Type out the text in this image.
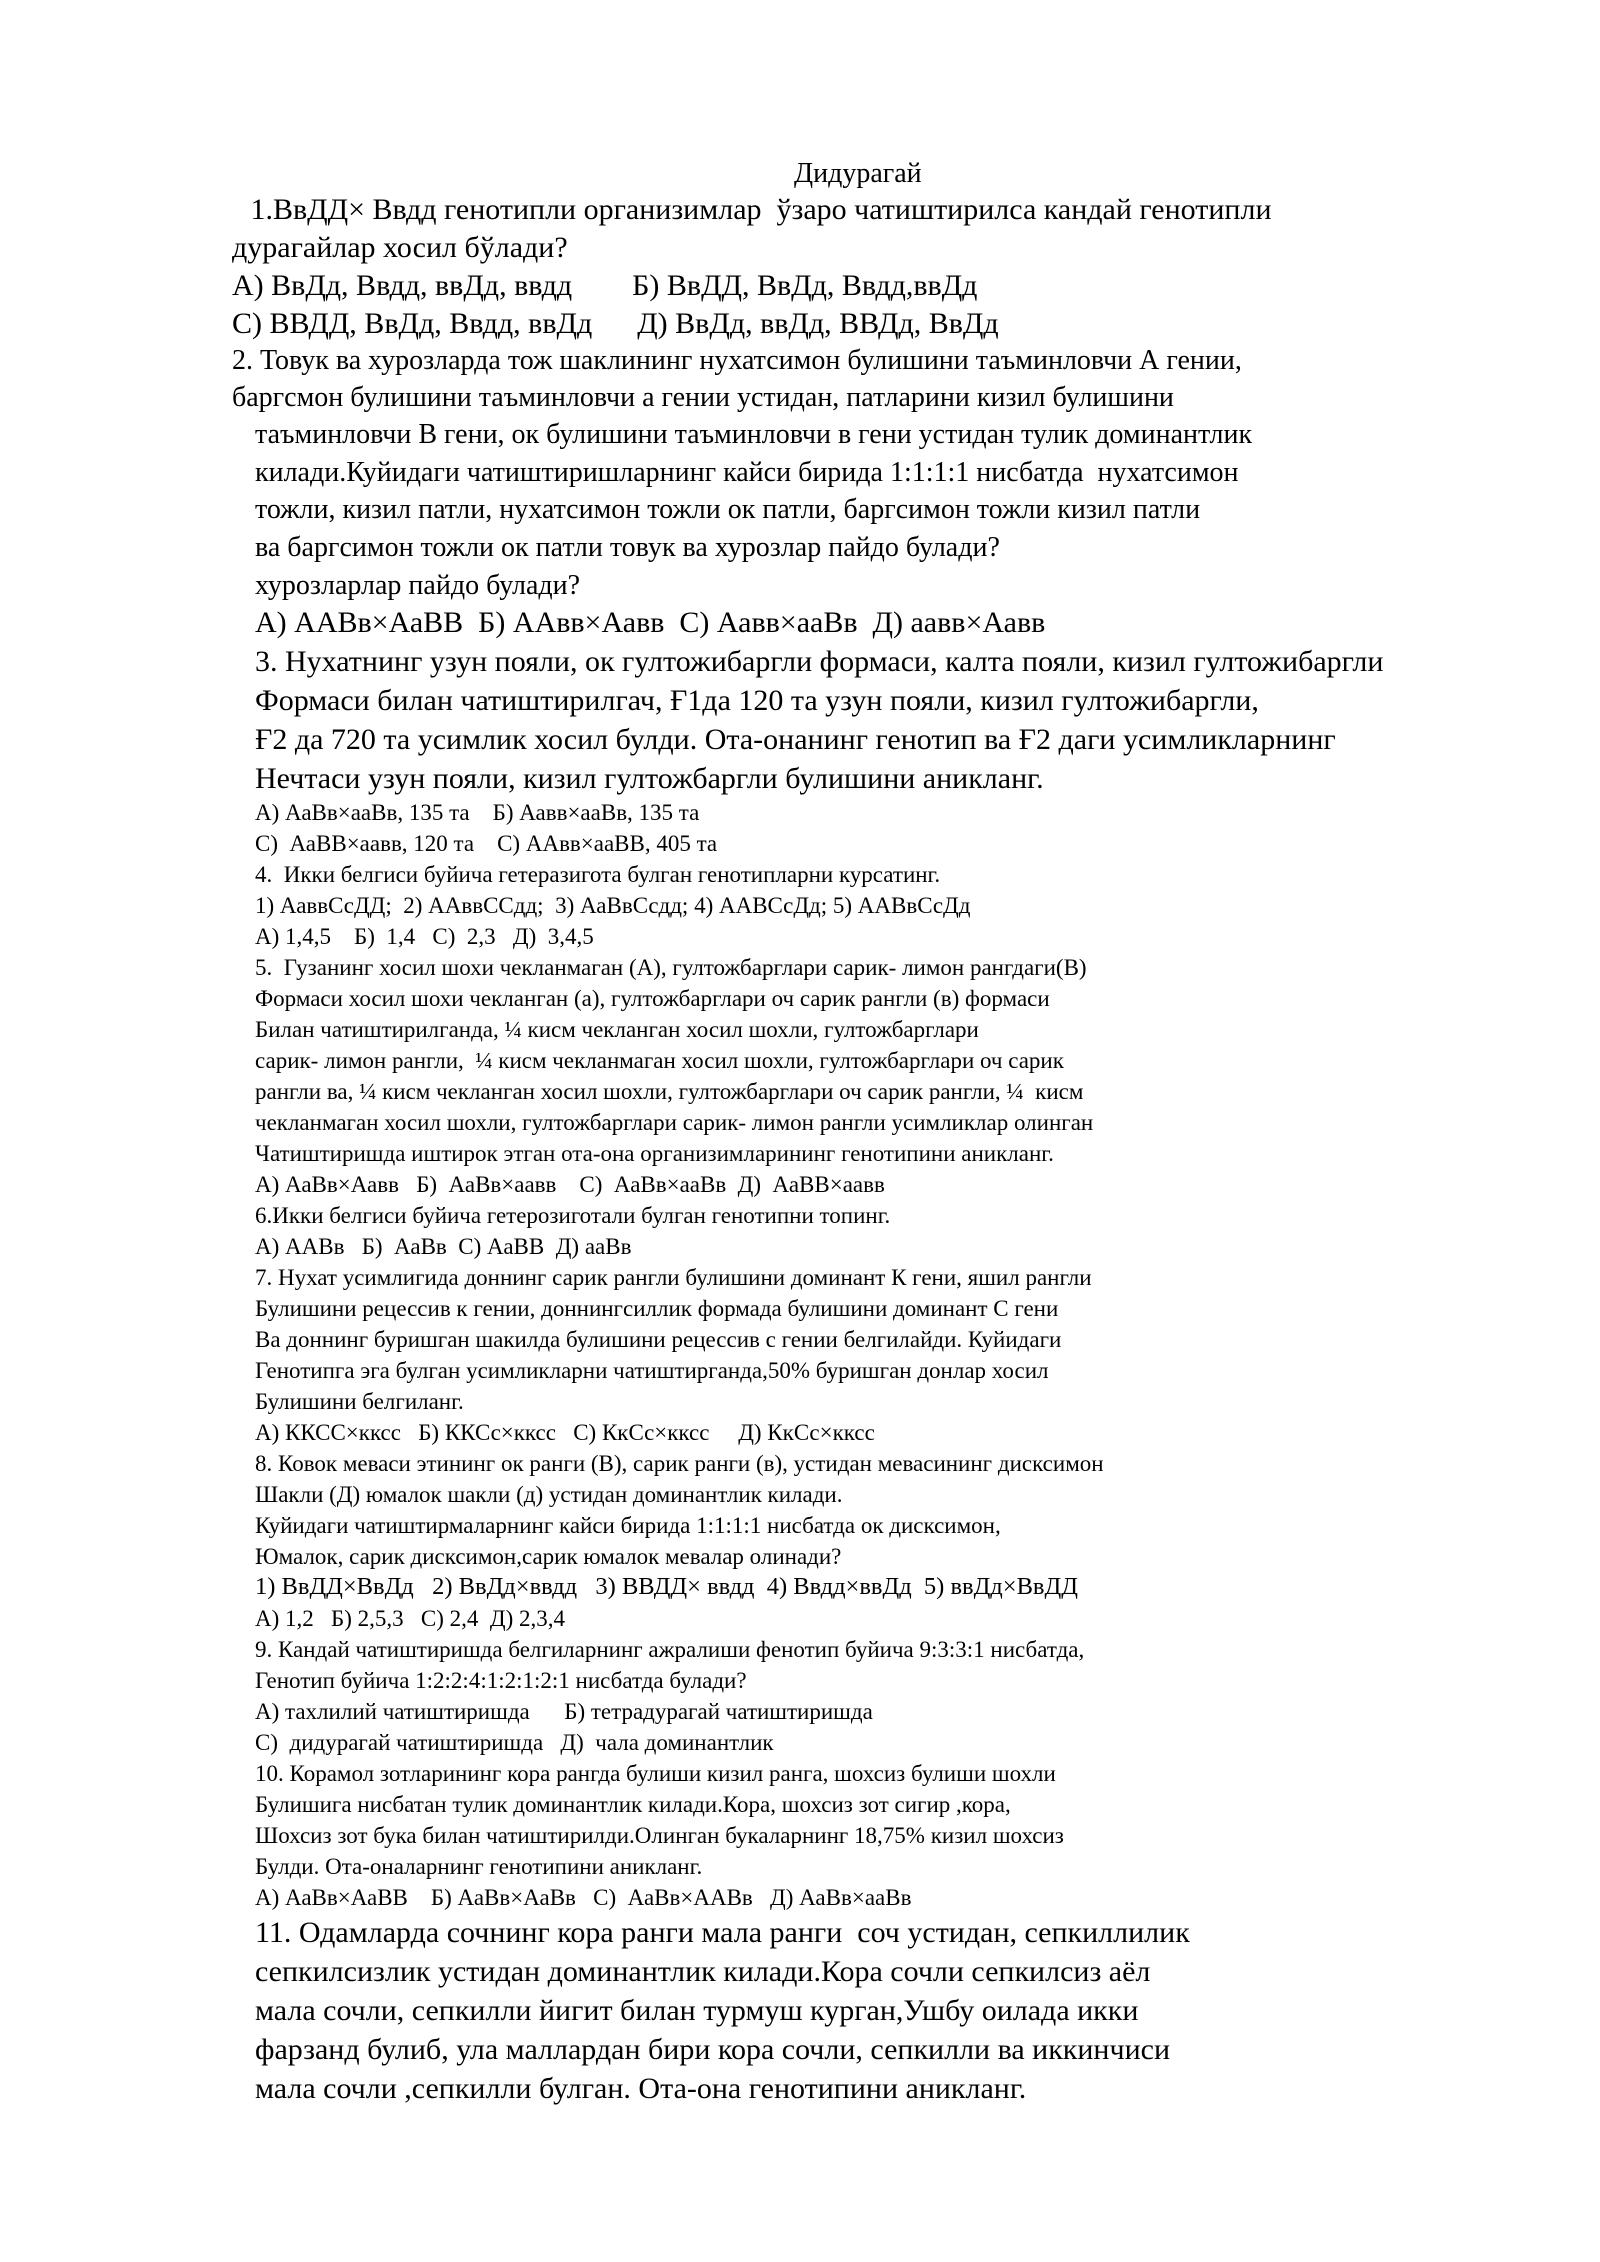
Дидурагай
1.ВвДД× Ввдд генотипли организимлар  ўзаро чатиштирилса кандай генотипли
дурагайлар хосил бўлади?
А) ВвДд, Ввдд, ввДд, ввдд        Б) ВвДД, ВвДд, Ввдд,ввДд
С) ВВДД, ВвДд, Ввдд, ввДд      Д) ВвДд, ввДд, ВВДд, ВвДд
2. Товук ва хурозларда тож шаклининг нухатсимон булишини таъминловчи А гении,
баргсмон булишини таъминловчи а гении устидан, патларини кизил булишини
таъминловчи В гени, ок булишини таъминловчи в гени устидан тулик доминантлик
килади.Куйидаги чатиштиришларнинг кайси бирида 1:1:1:1 нисбатда  нухатсимон
тожли, кизил патли, нухатсимон тожли ок патли, баргсимон тожли кизил патли
ва баргсимон тожли ок патли товук ва хурозлар пайдо булади?
хурозларлар пайдо булади?
А) ААВв×АаВВ  Б) ААвв×Аавв  С) Аавв×ааВв  Д) аавв×Аавв
3. Нухатнинг узун пояли, ок гултожибаргли формаси, калта пояли, кизил гултожибаргли
Формаси билан чатиштирилгач, Ғ1да 120 та узун пояли, кизил гултожибаргли,
Ғ2 да 720 та усимлик хосил булди. Ота-онанинг генотип ва Ғ2 даги усимликларнинг
Нечтаси узун пояли, кизил гултожбаргли булишини аникланг.
А) АаВв×ааВв, 135 та    Б) Аавв×ааВв, 135 та
С)  АаВВ×аавв, 120 та    С) ААвв×ааВВ, 405 та
4.  Икки белгиси буйича гетеразигота булган генотипларни курсатинг.
1) АаввСсДД;  2) ААввССдд;  3) АаВвСсдд; 4) ААВСсДд; 5) ААВвСсДд
А) 1,4,5    Б)  1,4   С)  2,3   Д)  3,4,5
5.  Гузанинг хосил шохи чекланмаган (А), гултожбарглари сарик- лимон рангдаги(В)
Формаси хосил шохи чекланган (а), гултожбарглари оч сарик рангли (в) формаси
Билан чатиштирилганда, ¼ кисм чекланган хосил шохли, гултожбарглари
сарик- лимон рангли,  ¼ кисм чекланмаган хосил шохли, гултожбарглари оч сарик
рангли ва, ¼ кисм чекланган хосил шохли, гултожбарглари оч сарик рангли, ¼  кисм
чекланмаган хосил шохли, гултожбарглари сарик- лимон рангли усимликлар олинган
Чатиштиришда иштирок этган ота-она организимларининг генотипини аникланг.
А) АаВв×Аавв   Б)  АаВв×аавв    С)  АаВв×ааВв  Д)  АаВВ×аавв
6.Икки белгиси буйича гетерозиготали булган генотипни топинг.
А) ААВв   Б)  АаВв  С) АаВВ  Д) ааВв
7. Нухат усимлигида доннинг сарик рангли булишини доминант К гени, яшил рангли
Булишини рецессив к гении, доннингсиллик формада булишини доминант С гени
Ва доннинг буришган шакилда булишини рецессив с гении белгилайди. Куйидаги
Генотипга эга булган усимликларни чатиштирганда,50% буришган донлар хосил
Булишини белгиланг.
А) ККСС×кксс   Б) ККСс×кксс   С) КкСс×кксс     Д) КкСс×кксс
8. Ковок меваси этининг ок ранги (В), сарик ранги (в), устидан мевасининг дисксимон
Шакли (Д) юмалок шакли (д) устидан доминантлик килади.
Куйидаги чатиштирмаларнинг кайси бирида 1:1:1:1 нисбатда ок дисксимон,
Юмалок, сарик дисксимон,сарик юмалок мевалар олинади?
1) ВвДД×ВвДд   2) ВвДд×ввдд   3) ВВДД× ввдд  4) Ввдд×ввДд  5) ввДд×ВвДД
А) 1,2   Б) 2,5,3   С) 2,4  Д) 2,3,4
9. Кандай чатиштиришда белгиларнинг ажралиши фенотип буйича 9:3:3:1 нисбатда,
Генотип буйича 1:2:2:4:1:2:1:2:1 нисбатда булади?
А) тахлилий чатиштиришда      Б) тетрадурагай чатиштиришда
С)  дидурагай чатиштиришда   Д)  чала доминантлик
10. Корамол зотларининг кора рангда булиши кизил ранга, шохсиз булиши шохли
Булишига нисбатан тулик доминантлик килади.Кора, шохсиз зот сигир ,кора,
Шохсиз зот бука билан чатиштирилди.Олинган букаларнинг 18,75% кизил шохсиз
Булди. Ота-оналарнинг генотипини аникланг.
А) АаВв×АаВВ    Б) АаВв×АаВв   С)  АаВв×ААВв   Д) АаВв×ааВв
11. Одамларда сочнинг кора ранги мала ранги  соч устидан, сепкиллилик
сепкилсизлик устидан доминантлик килади.Кора сочли сепкилсиз аёл
мала сочли, сепкилли йигит билан турмуш курган,Ушбу оилада икки
фарзанд булиб, ула маллардан бири кора сочли, сепкилли ва иккинчиси
мала сочли ,сепкилли булган. Ота-она генотипини аникланг.
